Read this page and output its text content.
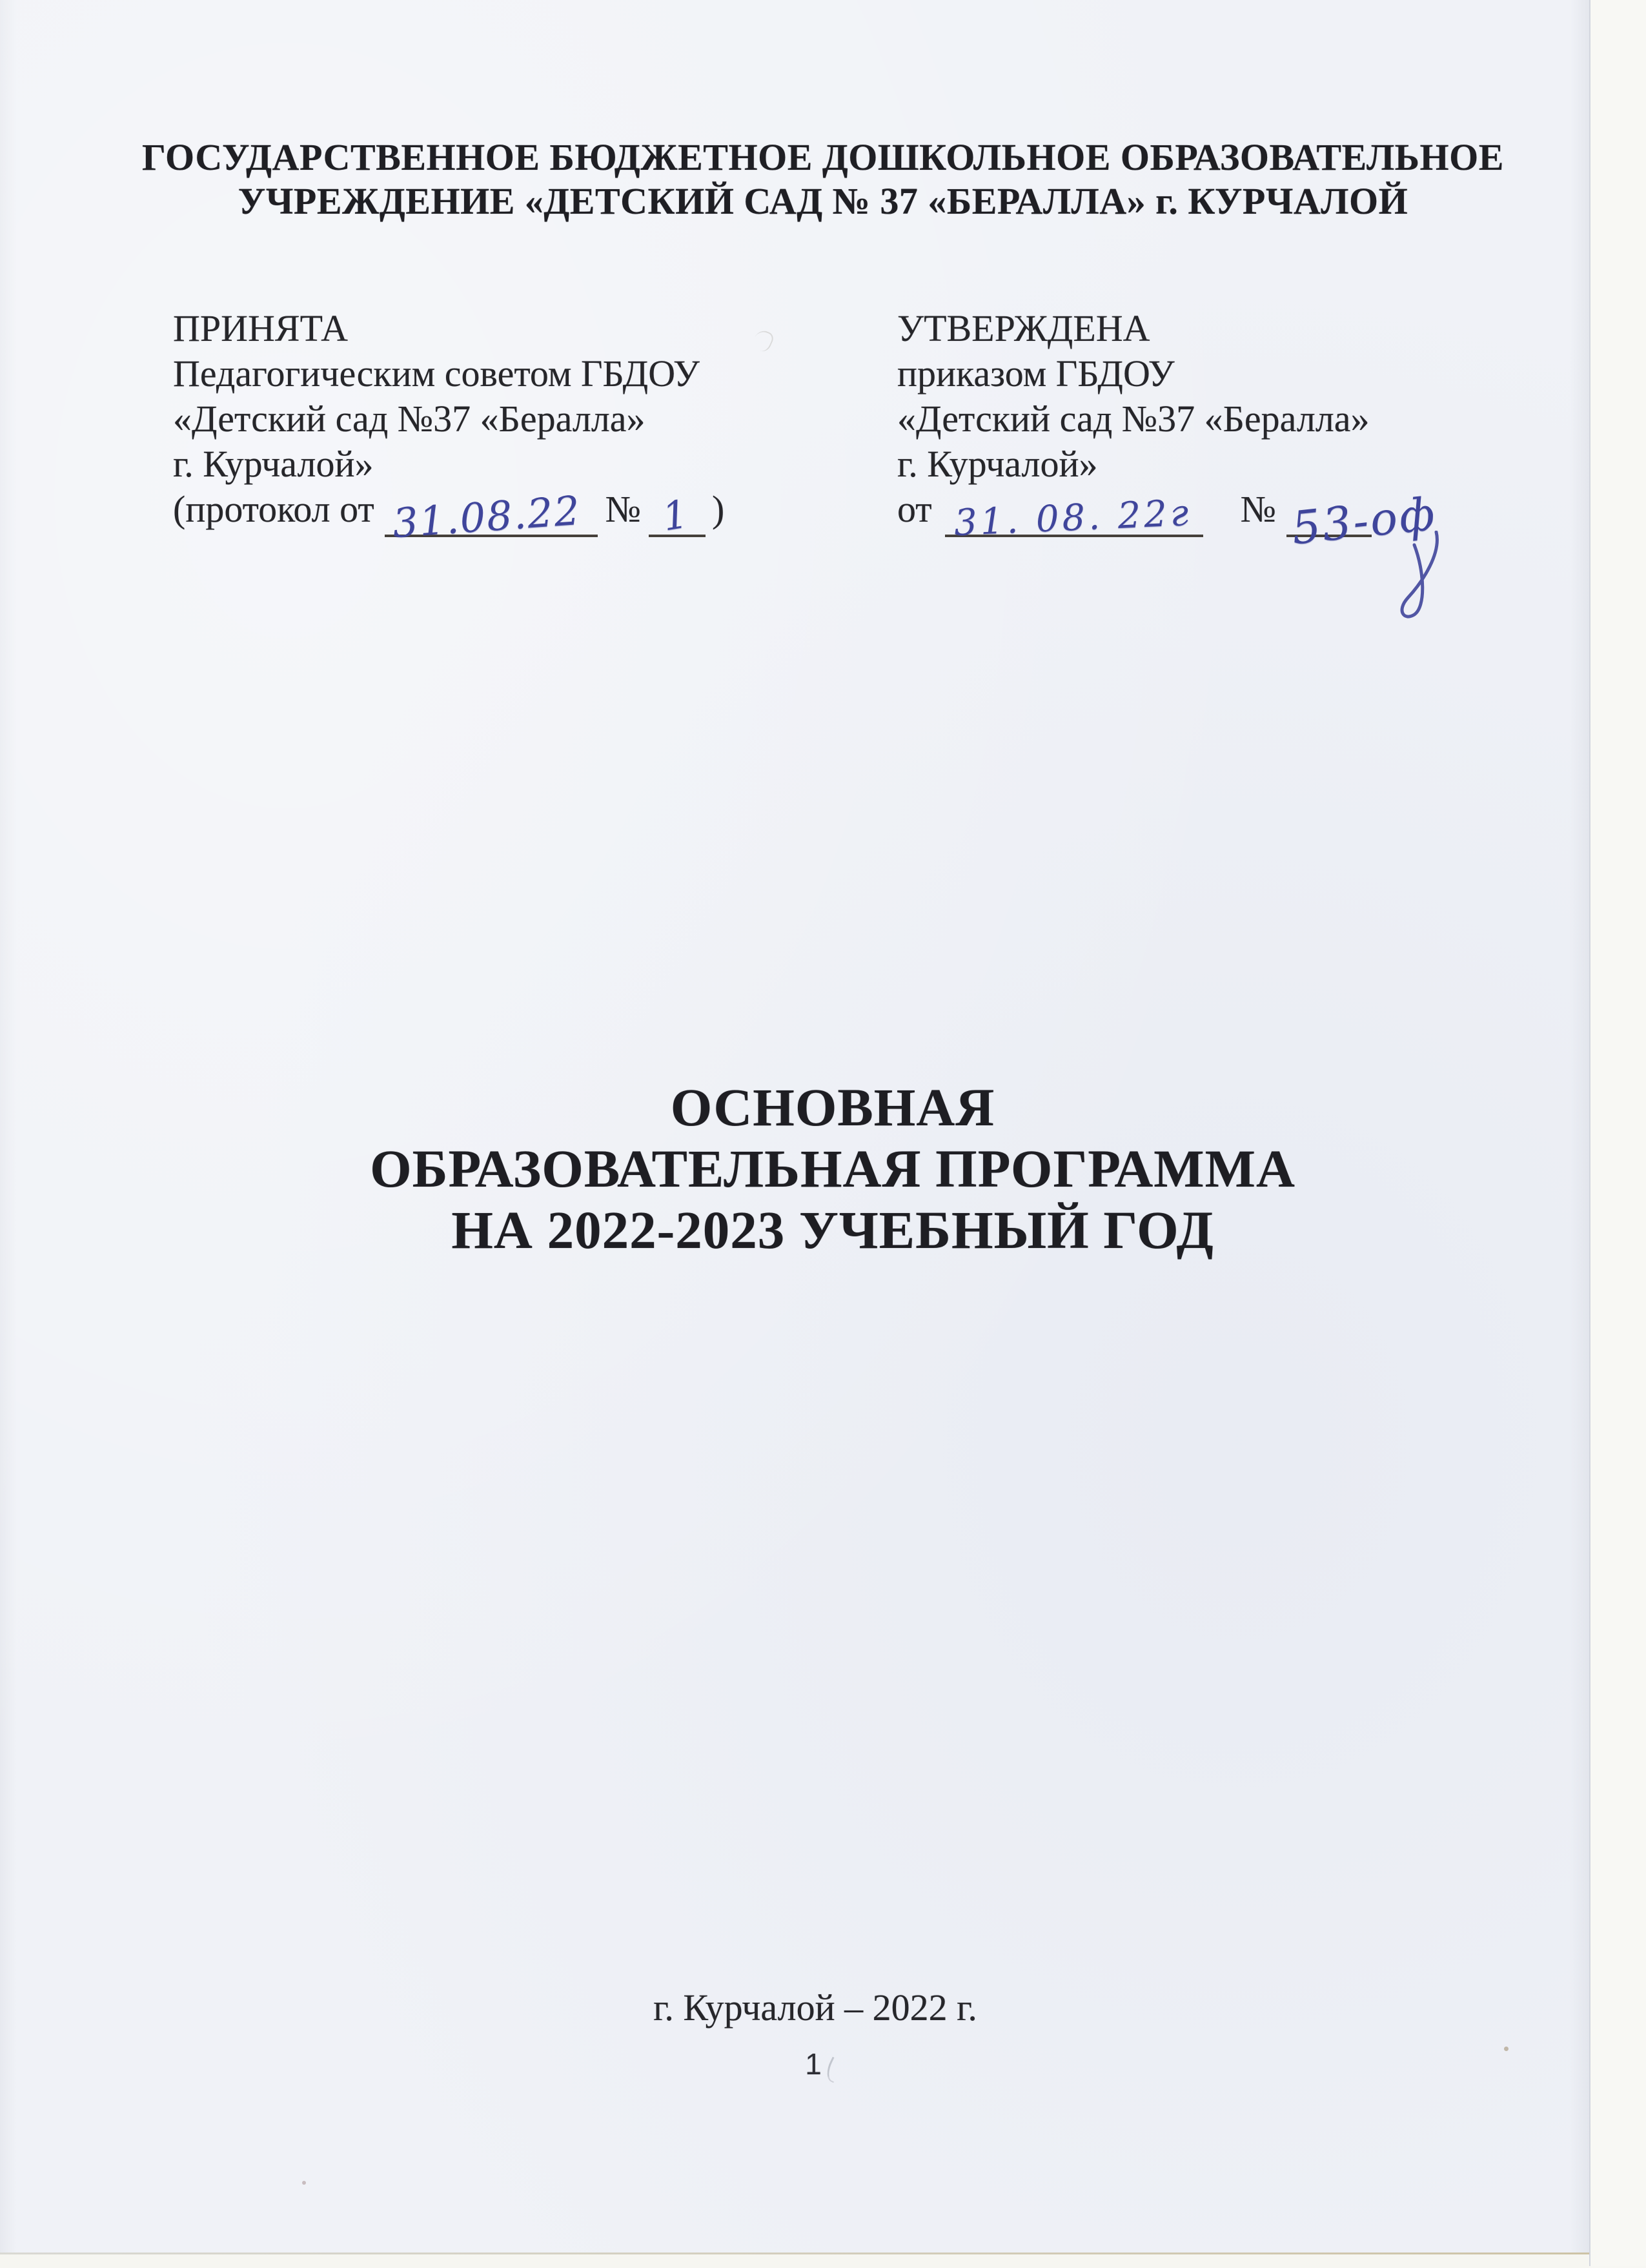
ГОСУДАРСТВЕННОЕ БЮДЖЕТНОЕ ДОШКОЛЬНОЕ ОБРАЗОВАТЕЛЬНОЕ
УЧРЕЖДЕНИЕ «ДЕТСКИЙ САД № 37 «БЕРАЛЛА» г. КУРЧАЛОЙ
ПРИНЯТА
Педагогическим советом ГБДОУ
«Детский сад №37 «Бералла»
г. Курчалой»
(протокол от 31.08.22 № 1 )
УТВЕРЖДЕНА
приказом ГБДОУ
«Детский сад №37 «Бералла»
г. Курчалой»
от 31. 08. 22г № 53-оф
ОСНОВНАЯ
ОБРАЗОВАТЕЛЬНАЯ ПРОГРАММА
НА 2022-2023 УЧЕБНЫЙ ГОД
г. Курчалой – 2022 г.
1
